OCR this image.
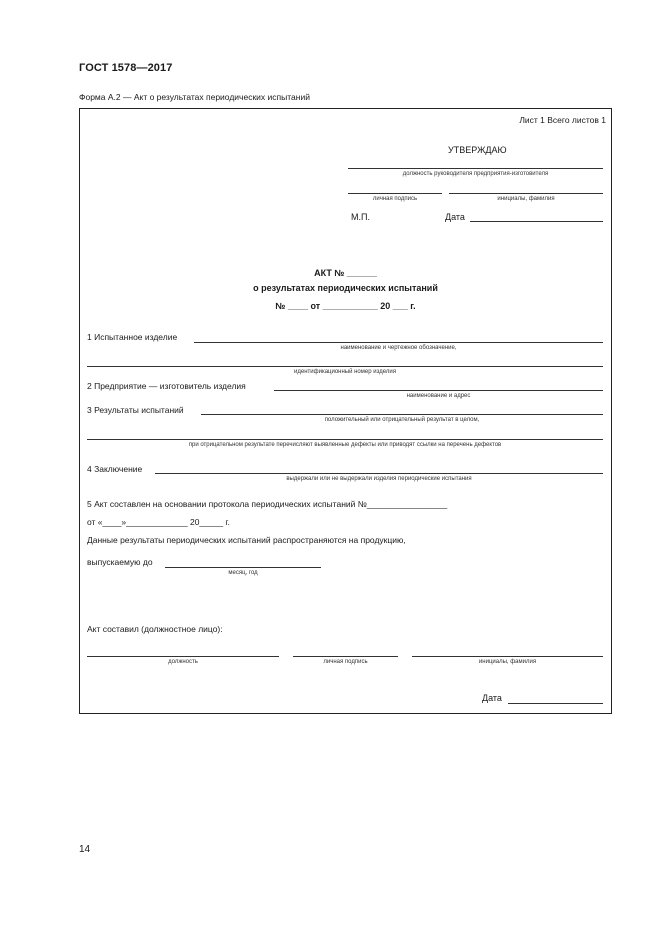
ГОСТ 1578—2017
Форма А.2 — Акт о результатах периодических испытаний
Лист 1 Всего листов 1
УТВЕРЖДАЮ
должность руководителя предприятия-изготовителя
личная подпись	инициалы, фамилия
М.П.	Дата
АКТ № ______
о результатах периодических испытаний
№ ____ от ___________ 20 ___ г.
1 Испытанное изделие
наименование и чертежное обозначение,
идентификационный номер изделия
2 Предприятие — изготовитель изделия
наименование и адрес
3 Результаты испытаний
положительный или отрицательный результат в целом,
при отрицательном результате перечисляют выявленные дефекты или приводят ссылки на перечень дефектов
4 Заключение
выдержали или не выдержали изделия периодические испытания
5 Акт составлен на основании протокола периодических испытаний №_________________
от «____»_____________ 20_____ г.
Данные результаты периодических испытаний распространяются на продукцию,
выпускаемую до
месяц, год
Акт составил (должностное лицо):
должность	личная подпись	инициалы, фамилия
Дата
14
